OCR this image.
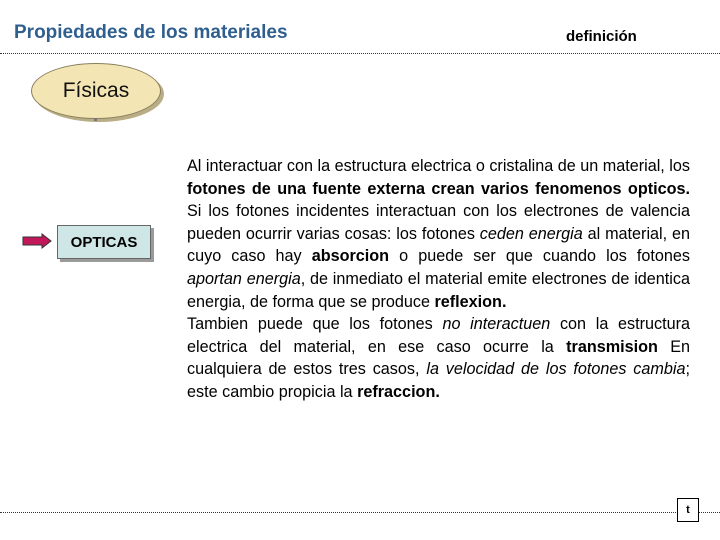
Propiedades de los materiales	definición
Físicas
OPTICAS
Al interactuar con la estructura electrica o cristalina de un material, los fotones de una fuente externa crean varios fenomenos opticos. Si los fotones incidentes interactuan con los electrones de valencia pueden ocurrir varias cosas: los fotones ceden energia al material, en cuyo caso hay absorcion o puede ser que cuando los fotones aportan energia, de inmediato el material emite electrones de identica energia, de forma que se produce reflexion.
Tambien puede que los fotones no interactuen con la estructura electrica del material, en ese caso ocurre la transmision En cualquiera de estos tres casos, la velocidad de los fotones cambia; este cambio propicia la refraccion.
t
